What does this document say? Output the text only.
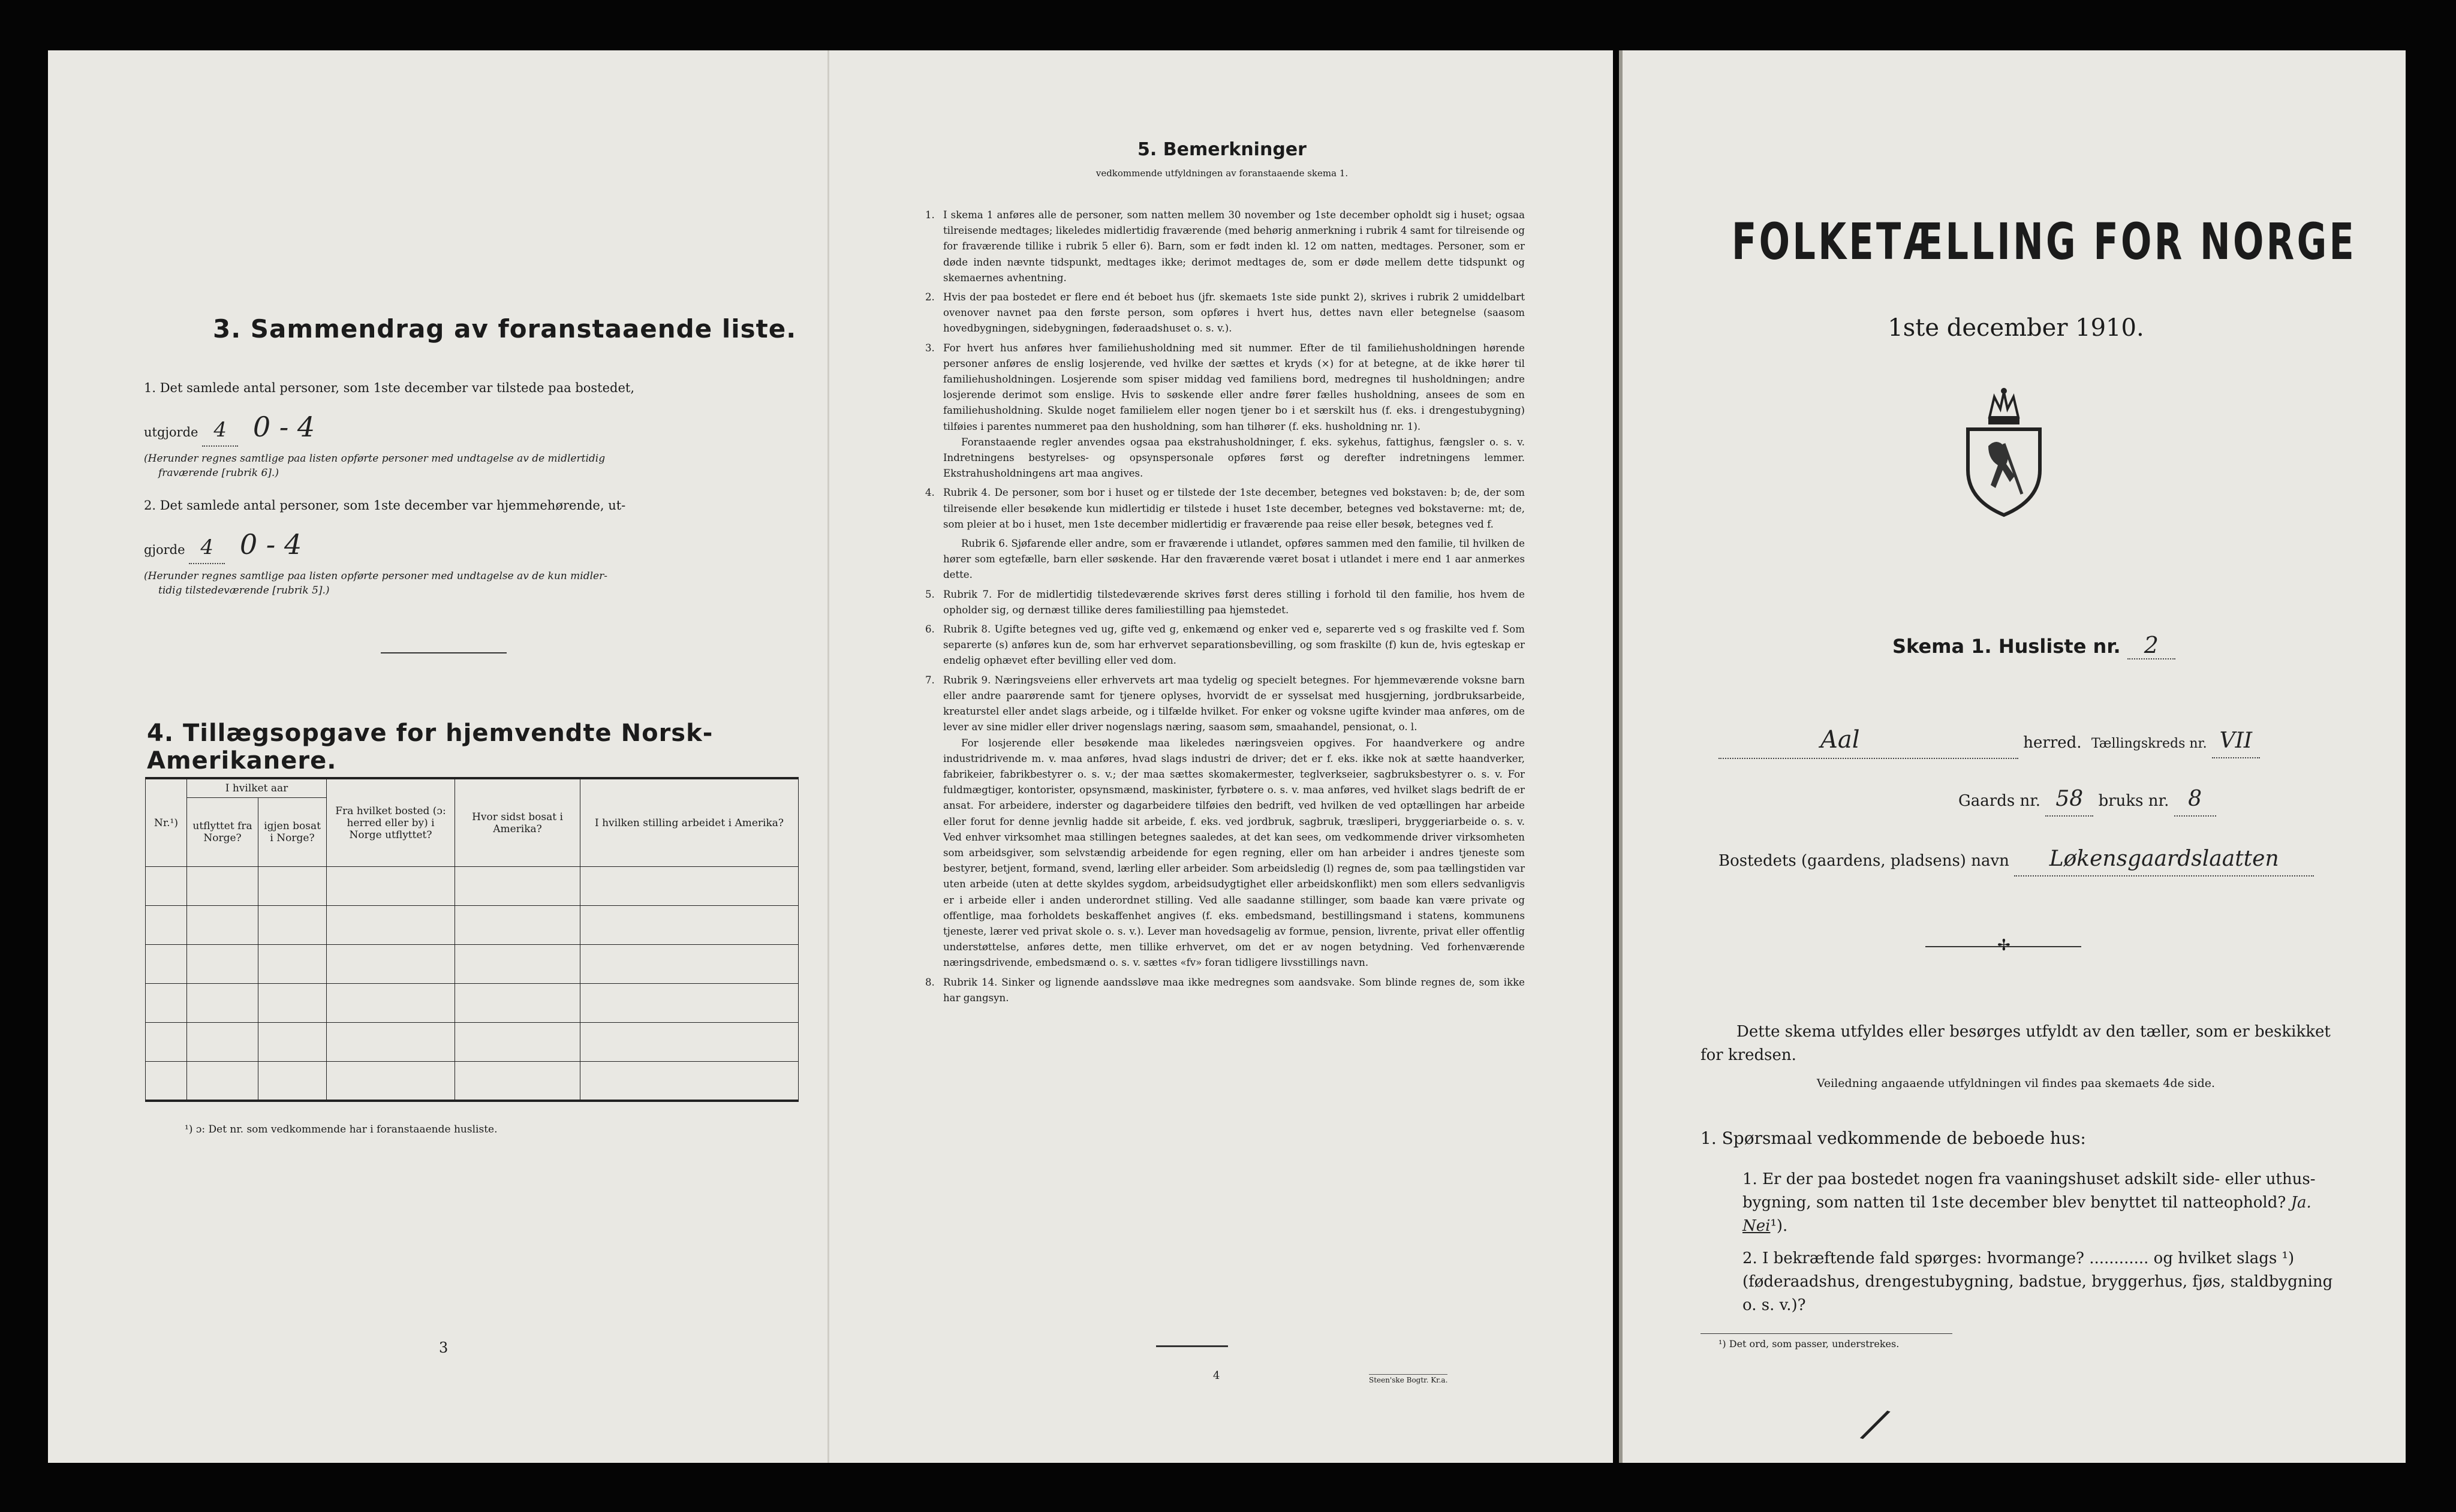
3. Sammendrag av foranstaaende liste.
1. Det samlede antal personer, som 1ste december var tilstede paa bostedet,
utgjorde 4 0 - 4
(Herunder regnes samtlige paa listen opførte personer med undtagelse av de midlertidig
fraværende [rubrik 6].)
2. Det samlede antal personer, som 1ste december var hjemmehørende, ut-
gjorde 4 0 - 4
(Herunder regnes samtlige paa listen opførte personer med undtagelse av de kun midler-
tidig tilstedeværende [rubrik 5].)
4. Tillægsopgave for hjemvendte Norsk-Amerikanere.
Nr.¹)	I hvilket aar		Fra hvilket bosted (ɔ: herred eller by) i Norge utflyttet?	Hvor sidst bosat i Amerika?	I hvilken stilling arbeidet i Amerika?
	utflyttet fra Norge?	igjen bosat i Norge?			

¹) ɔ: Det nr. som vedkommende har i foranstaaende husliste.
3
5. Bemerkninger
vedkommende utfyldningen av foranstaaende skema 1.
1. I skema 1 anføres alle de personer, som natten mellem 30 november og 1ste december opholdt sig i huset; ogsaa tilreisende medtages; likeledes midlertidig fraværende (med behørig anmerkning i rubrik 4 samt for tilreisende og for fraværende tillike i rubrik 5 eller 6). Barn, som er født inden kl. 12 om natten, medtages. Personer, som er døde inden nævnte tidspunkt, medtages ikke; derimot medtages de, som er døde mellem dette tidspunkt og skemaernes avhentning.

2. Hvis der paa bostedet er flere end ét beboet hus (jfr. skemaets 1ste side punkt 2), skrives i rubrik 2 umiddelbart ovenover navnet paa den første person, som opføres i hvert hus, dettes navn eller betegnelse (saasom hovedbygningen, sidebygningen, føderaadshuset o. s. v.).

3. For hvert hus anføres hver familiehusholdning med sit nummer. Efter de til familiehusholdningen hørende personer anføres de enslig losjerende, ved hvilke der sættes et kryds (×) for at betegne, at de ikke hører til familiehusholdningen. Losjerende som spiser middag ved familiens bord, medregnes til husholdningen; andre losjerende derimot som enslige. Hvis to søskende eller andre fører fælles husholdning, ansees de som en familiehusholdning. Skulde noget familielem eller nogen tjener bo i et særskilt hus (f. eks. i drengestubygning) tilføies i parentes nummeret paa den husholdning, som han tilhører (f. eks. husholdning nr. 1).

Foranstaaende regler anvendes ogsaa paa ekstrahusholdninger, f. eks. sykehus, fattighus, fængsler o. s. v. Indretningens bestyrelses- og opsynspersonale opføres først og derefter indretningens lemmer. Ekstrahusholdningens art maa angives.

4. Rubrik 4. De personer, som bor i huset og er tilstede der 1ste december, betegnes ved bokstaven: b; de, der som tilreisende eller besøkende kun midlertidig er tilstede i huset 1ste december, betegnes ved bokstaverne: mt; de, som pleier at bo i huset, men 1ste december midlertidig er fraværende paa reise eller besøk, betegnes ved f.

Rubrik 6. Sjøfarende eller andre, som er fraværende i utlandet, opføres sammen med den familie, til hvilken de hører som egtefælle, barn eller søskende. Har den fraværende været bosat i utlandet i mere end 1 aar anmerkes dette.

5. Rubrik 7. For de midlertidig tilstedeværende skrives først deres stilling i forhold til den familie, hos hvem de opholder sig, og dernæst tillike deres familiestilling paa hjemstedet.

6. Rubrik 8. Ugifte betegnes ved ug, gifte ved g, enkemænd og enker ved e, separerte ved s og fraskilte ved f. Som separerte (s) anføres kun de, som har erhvervet separationsbevilling, og som fraskilte (f) kun de, hvis egteskap er endelig ophævet efter bevilling eller ved dom.

7. Rubrik 9. Næringsveiens eller erhvervets art maa tydelig og specielt betegnes. For hjemmeværende voksne barn eller andre paarørende samt for tjenere oplyses, hvorvidt de er sysselsat med husgjerning, jordbruksarbeide, kreaturstel eller andet slags arbeide, og i tilfælde hvilket. For enker og voksne ugifte kvinder maa anføres, om de lever av sine midler eller driver nogenslags næring, saasom søm, smaahandel, pensionat, o. l.

For losjerende eller besøkende maa likeledes næringsveien opgives. For haandverkere og andre industridrivende m. v. maa anføres, hvad slags industri de driver; det er f. eks. ikke nok at sætte haandverker, fabrikeier, fabrikbestyrer o. s. v.; der maa sættes skomakermester, teglverkseier, sagbruksbestyrer o. s. v. For fuldmægtiger, kontorister, opsynsmænd, maskinister, fyrbøtere o. s. v. maa anføres, ved hvilket slags bedrift de er ansat. For arbeidere, inderster og dagarbeidere tilføies den bedrift, ved hvilken de ved optællingen har arbeide eller forut for denne jevnlig hadde sit arbeide, f. eks. ved jordbruk, sagbruk, træsliperi, bryggeriarbeide o. s. v. Ved enhver virksomhet maa stillingen betegnes saaledes, at det kan sees, om vedkommende driver virksomheten som arbeidsgiver, som selvstændig arbeidende for egen regning, eller om han arbeider i andres tjeneste som bestyrer, betjent, formand, svend, lærling eller arbeider. Som arbeidsledig (l) regnes de, som paa tællingstiden var uten arbeide (uten at dette skyldes sygdom, arbeidsudygtighet eller arbeidskonflikt) men som ellers sedvanligvis er i arbeide eller i anden underordnet stilling. Ved alle saadanne stillinger, som baade kan være private og offentlige, maa forholdets beskaffenhet angives (f. eks. embedsmand, bestillingsmand i statens, kommunens tjeneste, lærer ved privat skole o. s. v.). Lever man hovedsagelig av formue, pension, livrente, privat eller offentlig understøttelse, anføres dette, men tillike erhvervet, om det er av nogen betydning. Ved forhenværende næringsdrivende, embedsmænd o. s. v. sættes «fv» foran tidligere livsstillings navn.

8. Rubrik 14. Sinker og lignende aandssløve maa ikke medregnes som aandsvake. Som blinde regnes de, som ikke har gangsyn.

4	Steen'ske Bogtr. Kr.a.
FOLKETÆLLING FOR NORGE
1ste december 1910.
Skema 1. Husliste nr. 2
Aal	herred. Tællingskreds nr. VII
Gaards nr. 58 bruks nr. 8
Bostedets (gaardens, pladsens) navn Løkensgaardslaatten
✢
Dette skema utfyldes eller besørges utfyldt av den tæller, som er beskikket for kredsen.
Veiledning angaaende utfyldningen vil findes paa skemaets 4de side.
1. Spørsmaal vedkommende de beboede hus:
1. Er der paa bostedet nogen fra vaaningshuset adskilt side- eller uthus-bygning, som natten til 1ste december blev benyttet til natteophold? Ja. Nei¹).
2. I bekræftende fald spørges: hvormange? ............ og hvilket slags ¹) (føderaadshus, drengestubygning, badstue, bryggerhus, fjøs, staldbygning o. s. v.)?
¹) Det ord, som passer, understrekes.
/
